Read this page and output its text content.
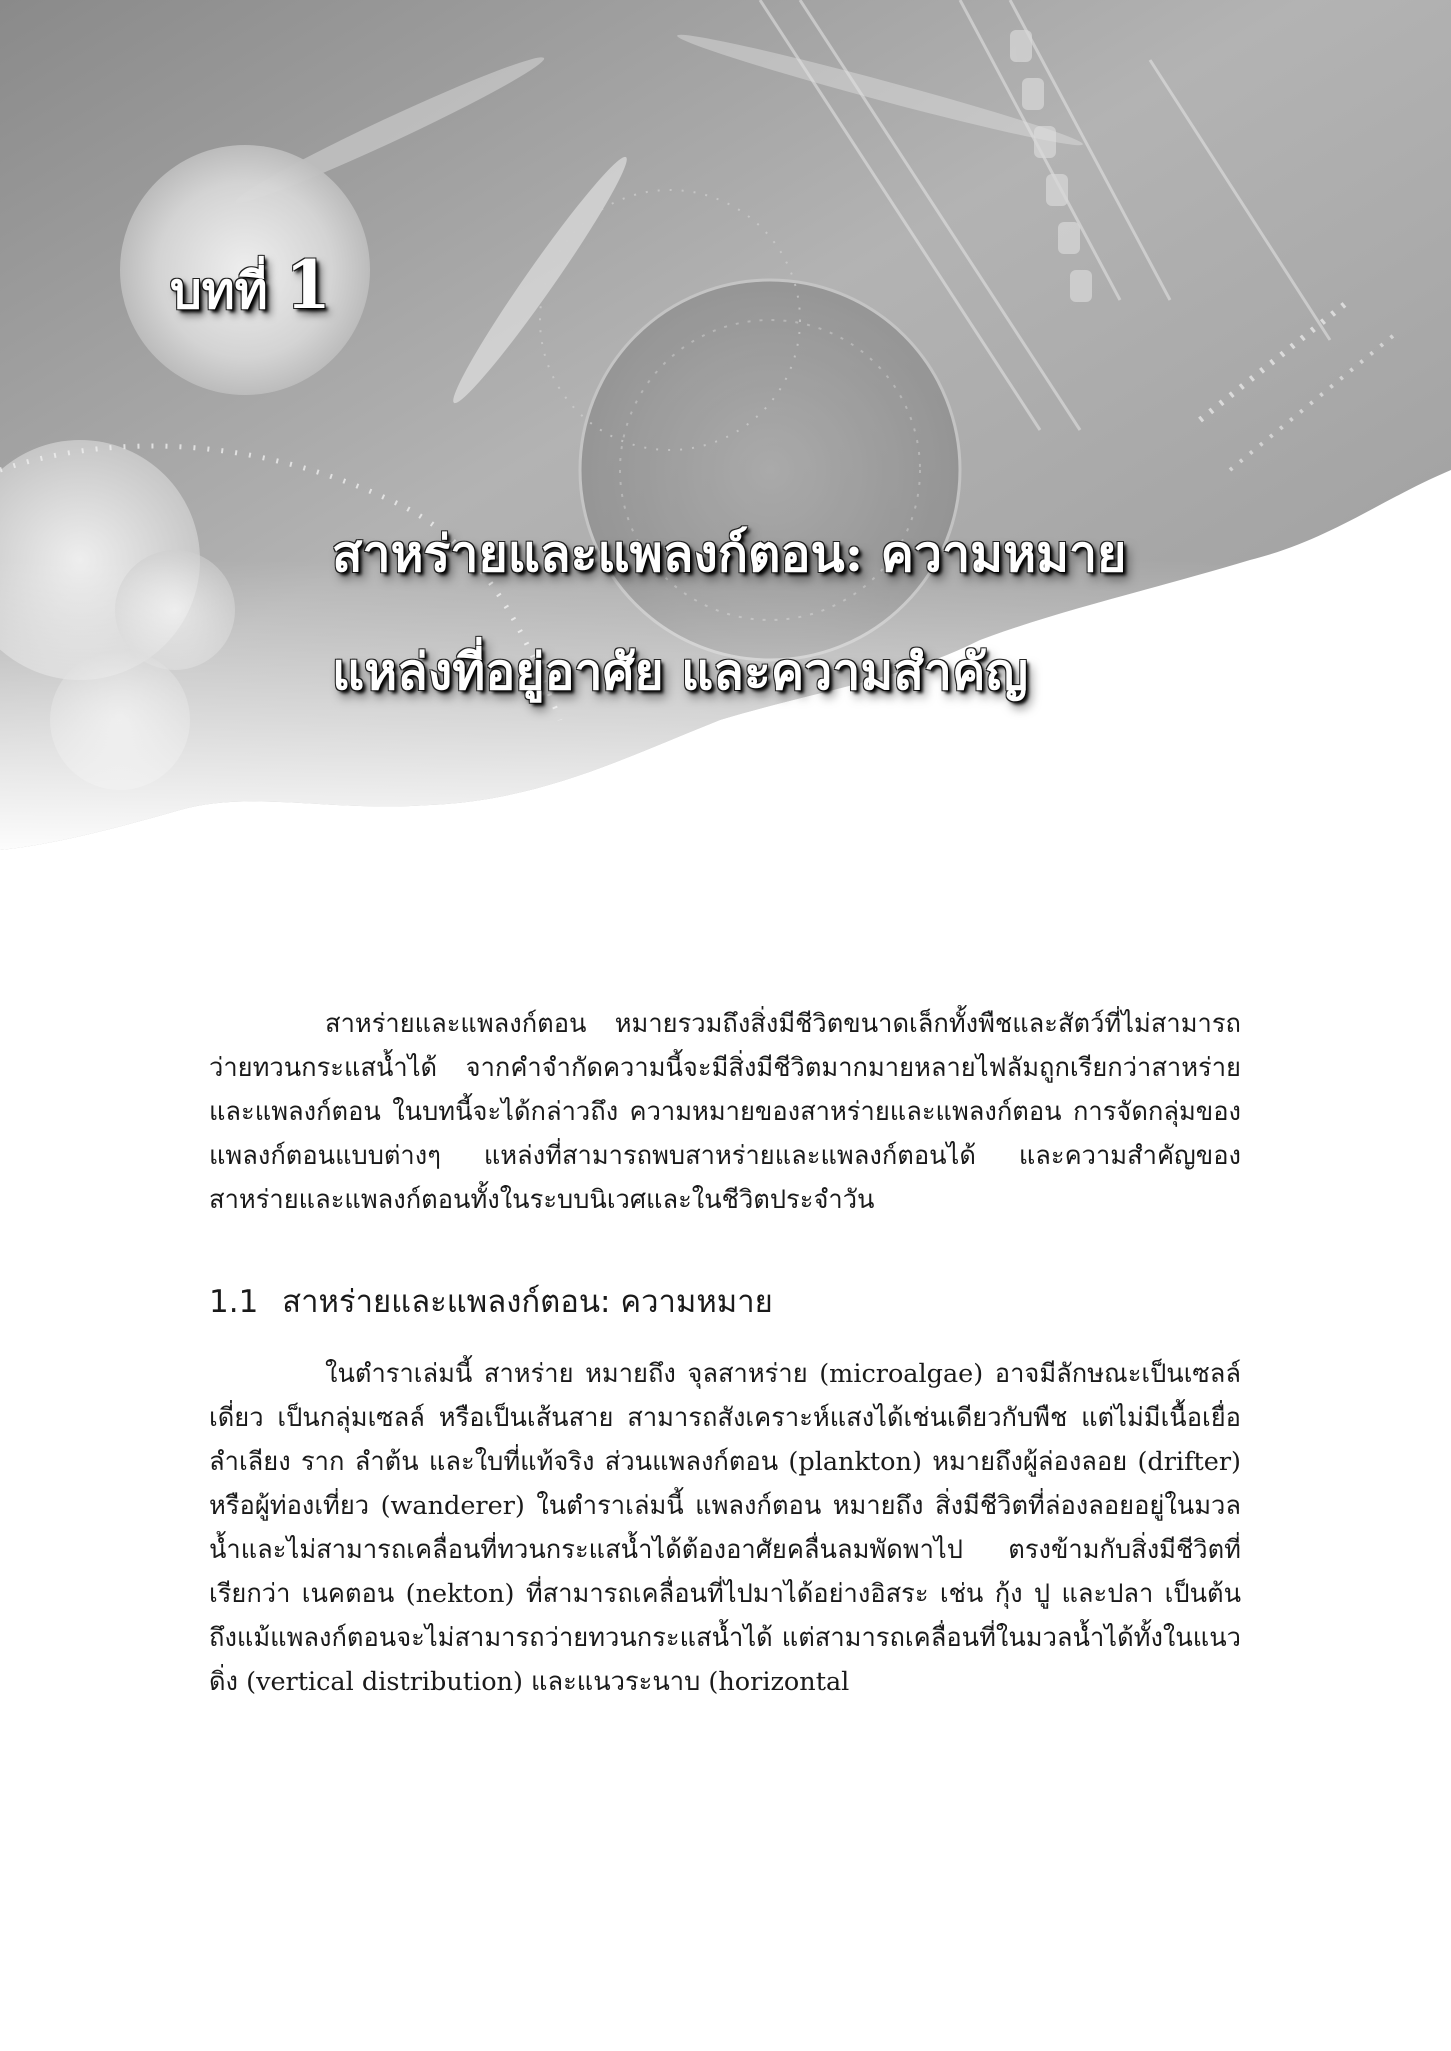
บทที่ 1
สาหร่ายและแพลงก์ตอน: ความหมาย
แหล่งที่อยู่อาศัย และความสำคัญ

สาหร่ายและแพลงก์ตอน หมายรวมถึงสิ่งมีชีวิตขนาดเล็กทั้งพืชและสัตว์ที่ไม่สามารถว่ายทวนกระแสน้ำได้ จากคำจำกัดความนี้จะมีสิ่งมีชีวิตมากมายหลายไฟลัมถูกเรียกว่าสาหร่ายและแพลงก์ตอน ในบทนี้จะได้กล่าวถึง ความหมายของสาหร่ายและแพลงก์ตอน การจัดกลุ่มของแพลงก์ตอนแบบต่างๆ แหล่งที่สามารถพบสาหร่ายและแพลงก์ตอนได้ และความสำคัญของสาหร่ายและแพลงก์ตอนทั้งในระบบนิเวศและในชีวิตประจำวัน

1.1 สาหร่ายและแพลงก์ตอน: ความหมาย

ในตำราเล่มนี้ สาหร่าย หมายถึง จุลสาหร่าย (microalgae) อาจมีลักษณะเป็นเซลล์เดี่ยว เป็นกลุ่มเซลล์ หรือเป็นเส้นสาย สามารถสังเคราะห์แสงได้เช่นเดียวกับพืช แต่ไม่มีเนื้อเยื่อลำเลียง ราก ลำต้น และใบที่แท้จริง ส่วนแพลงก์ตอน (plankton) หมายถึงผู้ล่องลอย (drifter) หรือผู้ท่องเที่ยว (wanderer) ในตำราเล่มนี้ แพลงก์ตอน หมายถึง สิ่งมีชีวิตที่ล่องลอยอยู่ในมวลน้ำและไม่สามารถเคลื่อนที่ทวนกระแสน้ำได้ต้องอาศัยคลื่นลมพัดพาไป ตรงข้ามกับสิ่งมีชีวิตที่เรียกว่า เนคตอน (nekton) ที่สามารถเคลื่อนที่ไปมาได้อย่างอิสระ เช่น กุ้ง ปู และปลา เป็นต้น ถึงแม้แพลงก์ตอนจะไม่สามารถว่ายทวนกระแสน้ำได้ แต่สามารถเคลื่อนที่ในมวลน้ำได้ทั้งในแนวดิ่ง (vertical distribution) และแนวระนาบ (horizontal
